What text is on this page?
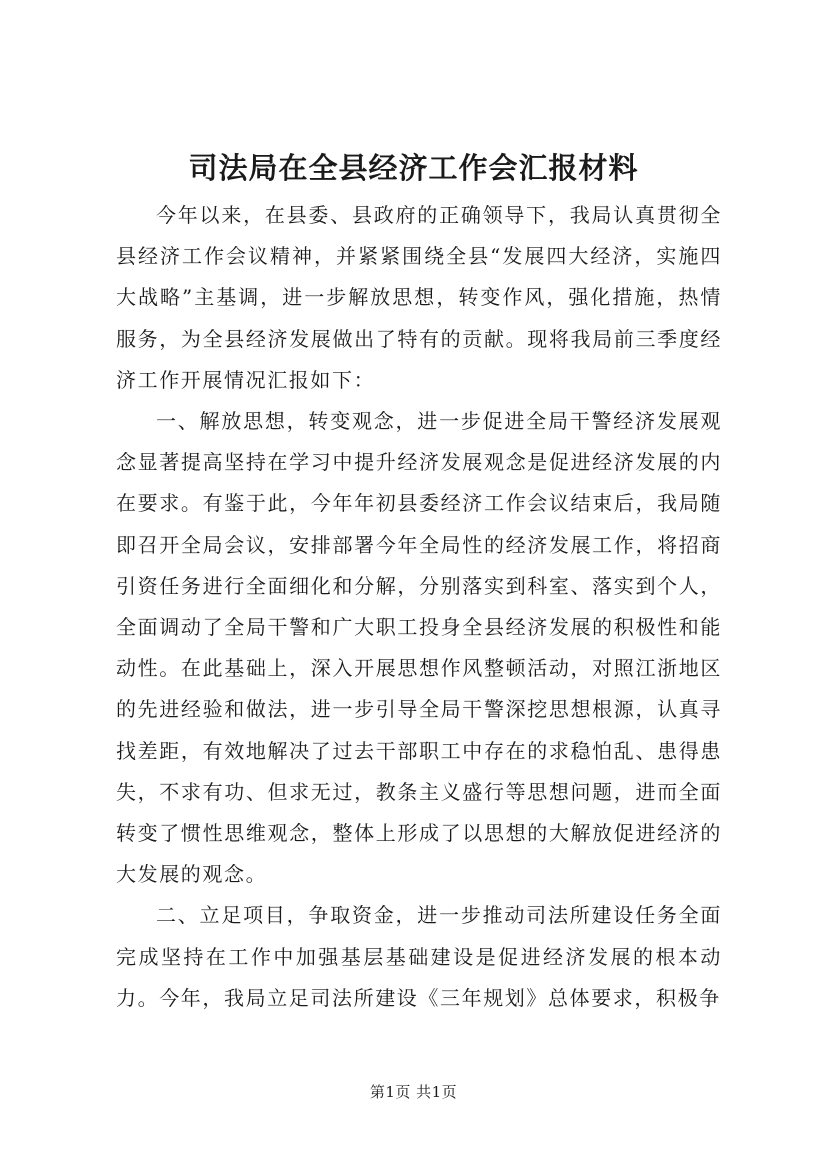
司法局在全县经济工作会汇报材料

今年以来，在县委、县政府的正确领导下，我局认真贯彻全县经济工作会议精神，并紧紧围绕全县“发展四大经济，实施四大战略”主基调，进一步解放思想，转变作风，强化措施，热情服务，为全县经济发展做出了特有的贡献。现将我局前三季度经济工作开展情况汇报如下：

一、解放思想，转变观念，进一步促进全局干警经济发展观念显著提高坚持在学习中提升经济发展观念是促进经济发展的内在要求。有鉴于此，今年年初县委经济工作会议结束后，我局随即召开全局会议，安排部署今年全局性的经济发展工作，将招商引资任务进行全面细化和分解，分别落实到科室、落实到个人，全面调动了全局干警和广大职工投身全县经济发展的积极性和能动性。在此基础上，深入开展思想作风整顿活动，对照江浙地区的先进经验和做法，进一步引导全局干警深挖思想根源，认真寻找差距，有效地解决了过去干部职工中存在的求稳怕乱、患得患失，不求有功、但求无过，教条主义盛行等思想问题，进而全面转变了惯性思维观念，整体上形成了以思想的大解放促进经济的大发展的观念。

二、立足项目，争取资金，进一步推动司法所建设任务全面完成坚持在工作中加强基层基础建设是促进经济发展的根本动力。今年，我局立足司法所建设《三年规划》总体要求，积极争

第1页 共1页
